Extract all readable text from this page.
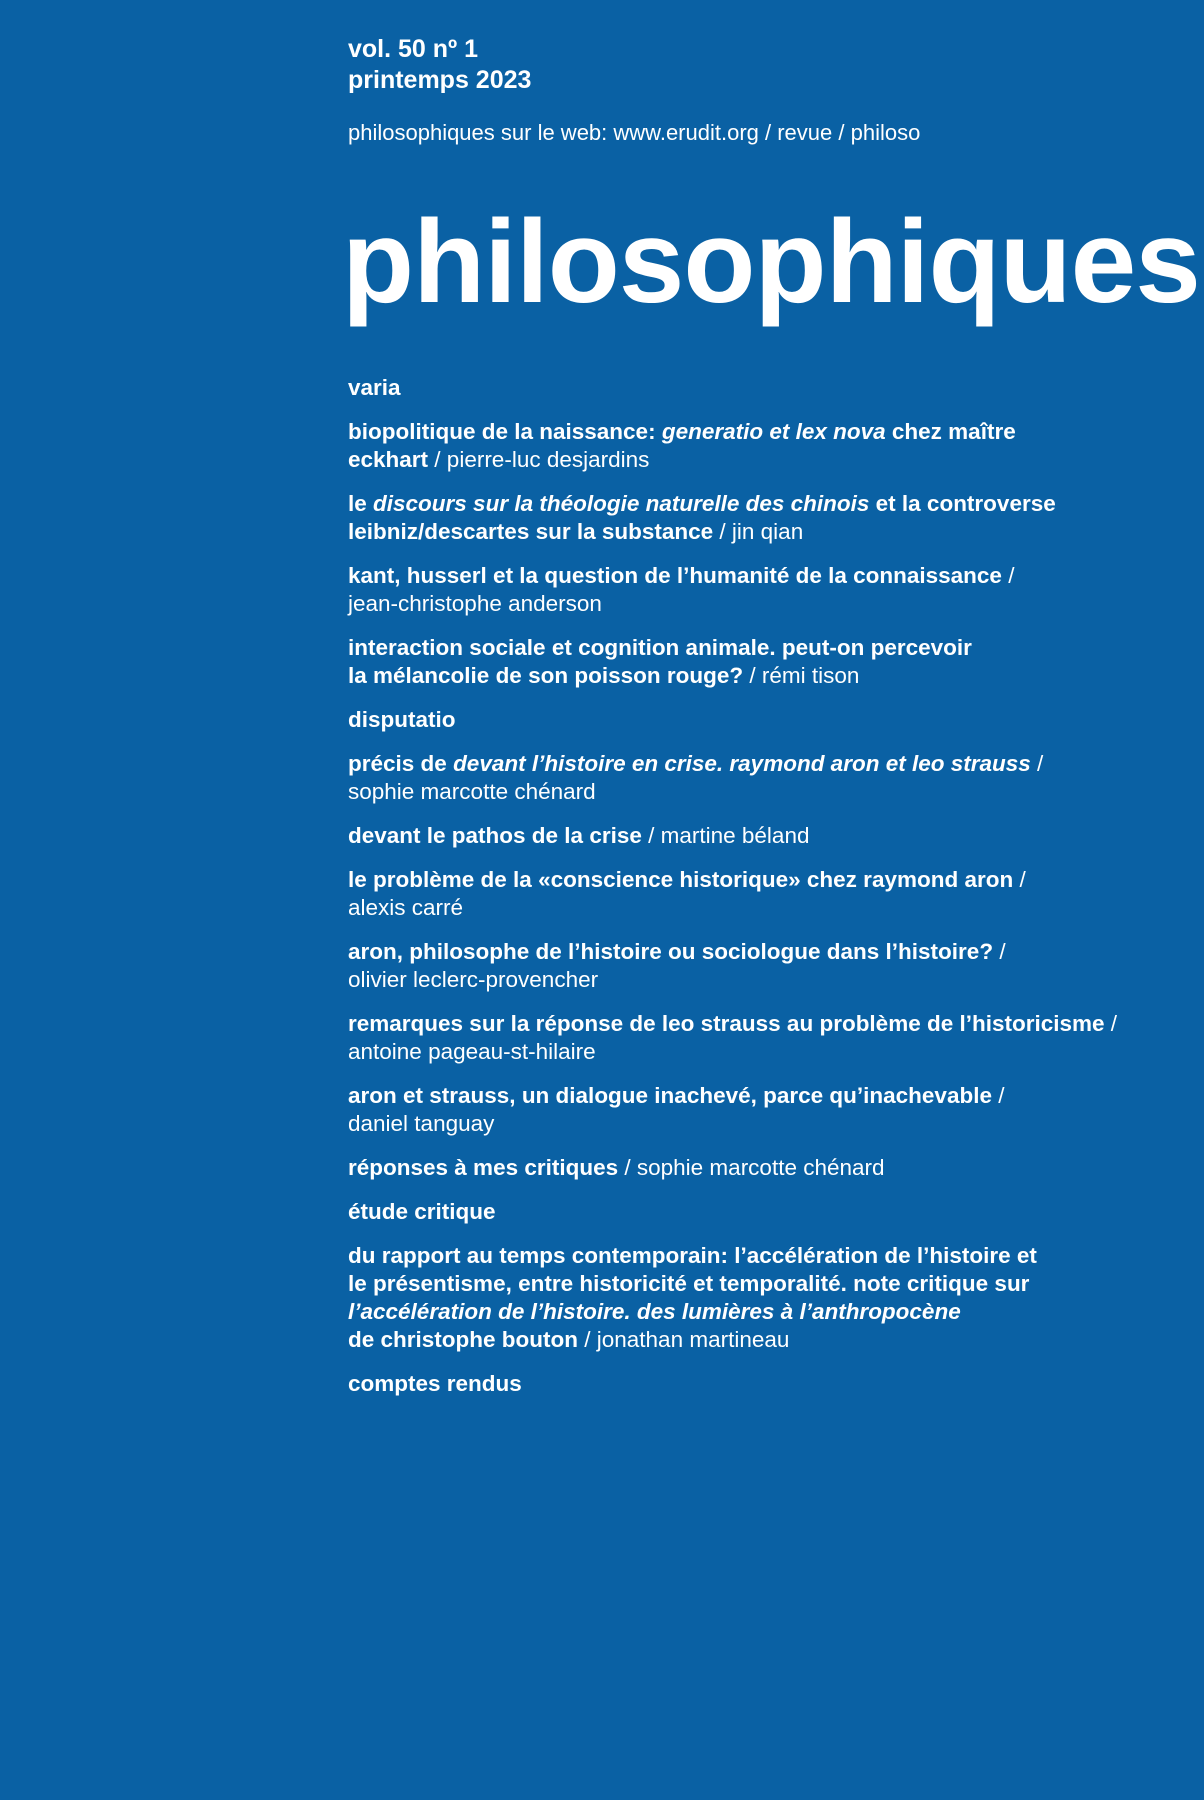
vol. 50 nº 1
printemps 2023
philosophiques sur le web: www.erudit.org / revue / philoso
philosophiques
varia
biopolitique de la naissance: generatio et lex nova chez maître
eckhart / pierre-luc desjardins
le discours sur la théologie naturelle des chinois et la controverse
leibniz/descartes sur la substance / jin qian
kant, husserl et la question de l’humanité de la connaissance /
jean-christophe anderson
interaction sociale et cognition animale. peut-on percevoir
la mélancolie de son poisson rouge? / rémi tison
disputatio
précis de devant l’histoire en crise. raymond aron et leo strauss /
sophie marcotte chénard
devant le pathos de la crise / martine béland
le problème de la «conscience historique» chez raymond aron /
alexis carré
aron, philosophe de l’histoire ou sociologue dans l’histoire? /
olivier leclerc-provencher
remarques sur la réponse de leo strauss au problème de l’historicisme /
antoine pageau-st-hilaire
aron et strauss, un dialogue inachevé, parce qu’inachevable /
daniel tanguay
réponses à mes critiques / sophie marcotte chénard
étude critique
du rapport au temps contemporain: l’accélération de l’histoire et
le présentisme, entre historicité et temporalité. note critique sur
l’accélération de l’histoire. des lumières à l’anthropocène
de christophe bouton / jonathan martineau
comptes rendus
